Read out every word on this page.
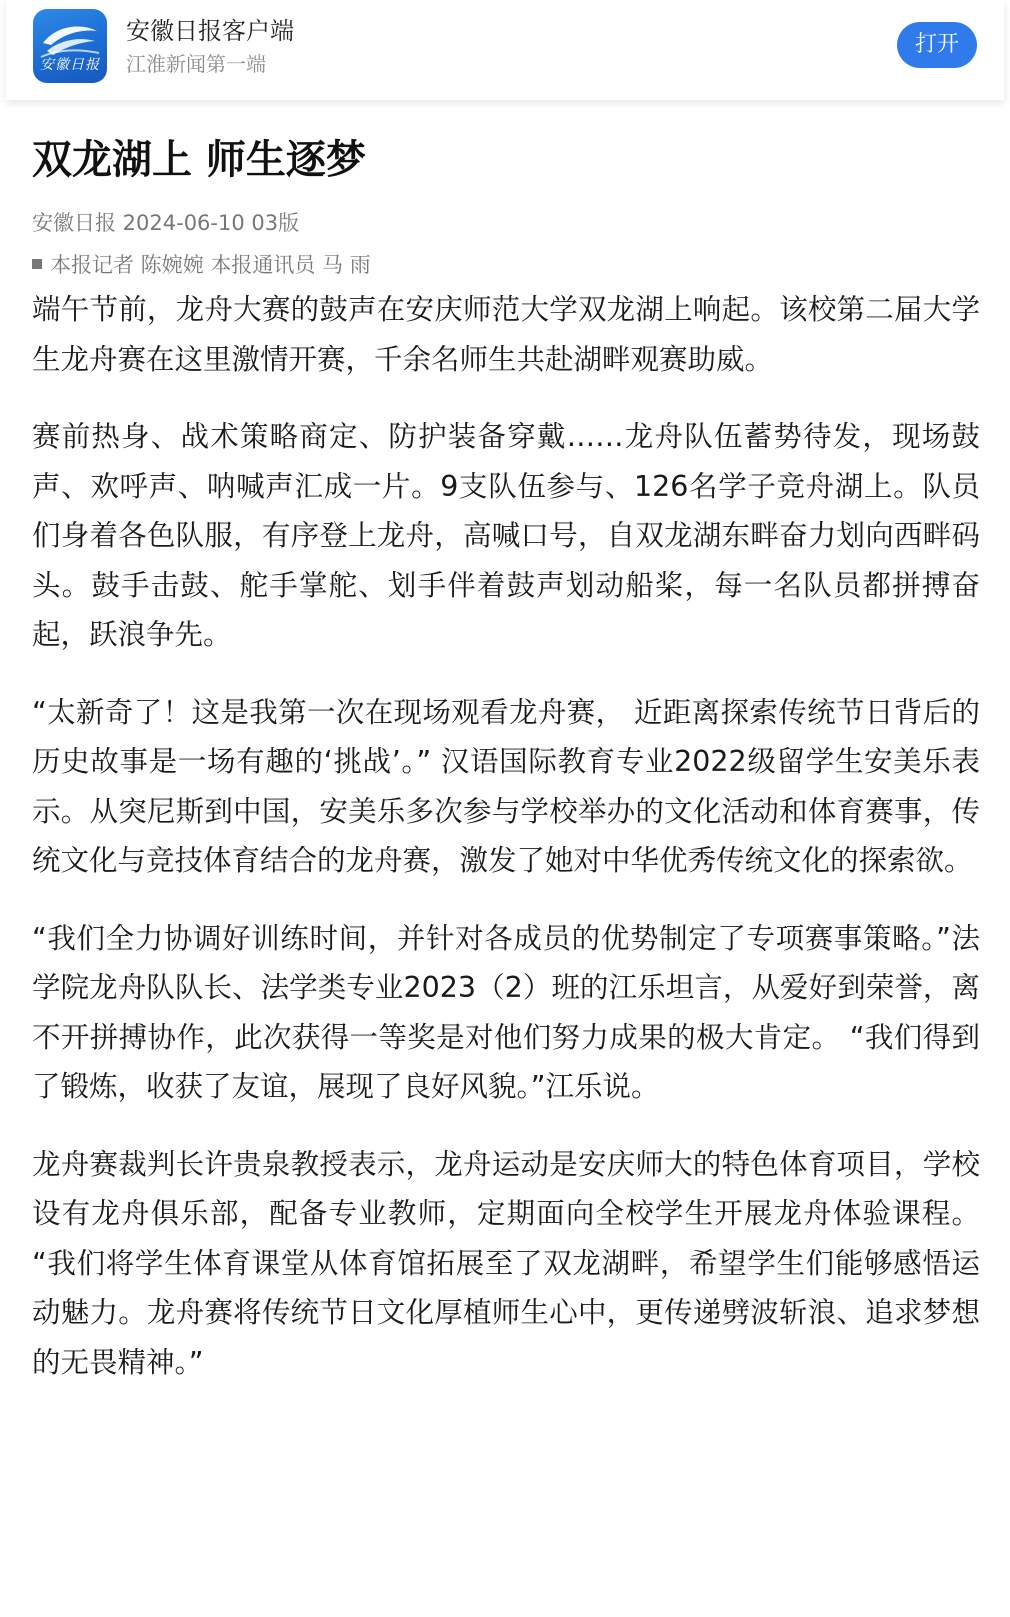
安徽日报
安徽日报客户端
江淮新闻第一端
打开
双龙湖上 师生逐梦
安徽日报 2024-06-10 03版
本报记者 陈婉婉 本报通讯员 马 雨

端午节前，龙舟大赛的鼓声在安庆师范大学双龙湖上响起。该校第二届大学生龙舟赛在这里激情开赛，千余名师生共赴湖畔观赛助威。

赛前热身、战术策略商定、防护装备穿戴……龙舟队伍蓄势待发，现场鼓声、欢呼声、呐喊声汇成一片。9支队伍参与、126名学子竞舟湖上。队员们身着各色队服，有序登上龙舟，高喊口号，自双龙湖东畔奋力划向西畔码头。鼓手击鼓、舵手掌舵、划手伴着鼓声划动船桨，每一名队员都拼搏奋起，跃浪争先。

“太新奇了！这是我第一次在现场观看龙舟赛， 近距离探索传统节日背后的历史故事是一场有趣的‘挑战’。” 汉语国际教育专业2022级留学生安美乐表示。从突尼斯到中国，安美乐多次参与学校举办的文化活动和体育赛事，传统文化与竞技体育结合的龙舟赛，激发了她对中华优秀传统文化的探索欲。

“我们全力协调好训练时间，并针对各成员的优势制定了专项赛事策略。”法学院龙舟队队长、法学类专业2023（2）班的江乐坦言，从爱好到荣誉，离不开拼搏协作，此次获得一等奖是对他们努力成果的极大肯定。 “我们得到了锻炼，收获了友谊，展现了良好风貌。”江乐说。

龙舟赛裁判长许贵泉教授表示，龙舟运动是安庆师大的特色体育项目，学校设有龙舟俱乐部，配备专业教师，定期面向全校学生开展龙舟体验课程。 “我们将学生体育课堂从体育馆拓展至了双龙湖畔，希望学生们能够感悟运动魅力。龙舟赛将传统节日文化厚植师生心中，更传递劈波斩浪、追求梦想的无畏精神。”
